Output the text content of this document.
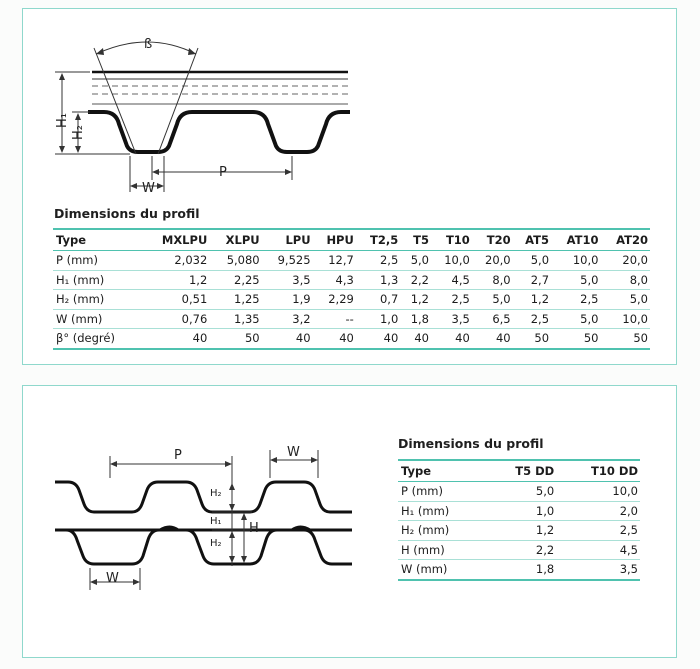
ß
H₁
H₂
P
W
Dimensions du profil
Type	MXLPU	XLPU	LPU	HPU	T2,5	T5	T10	T20	AT5	AT10	AT20
P (mm)	2,032	5,080	9,525	12,7	2,5	5,0	10,0	20,0	5,0	10,0	20,0
H₁ (mm)	1,2	2,25	3,5	4,3	1,3	2,2	4,5	8,0	2,7	5,0	8,0
H₂ (mm)	0,51	1,25	1,9	2,29	0,7	1,2	2,5	5,0	1,2	2,5	5,0
W (mm)	0,76	1,35	3,2	--	1,0	1,8	3,5	6,5	2,5	5,0	10,0
β° (degré)	40	50	40	40	40	40	40	40	50	50	50
P	W
W
H₂
H₁
H₂
H
Dimensions du profil
Type	T5 DD	T10 DD
P (mm)	5,0	10,0
H₁ (mm)	1,0	2,0
H₂ (mm)	1,2	2,5
H (mm)	2,2	4,5
W (mm)	1,8	3,5
